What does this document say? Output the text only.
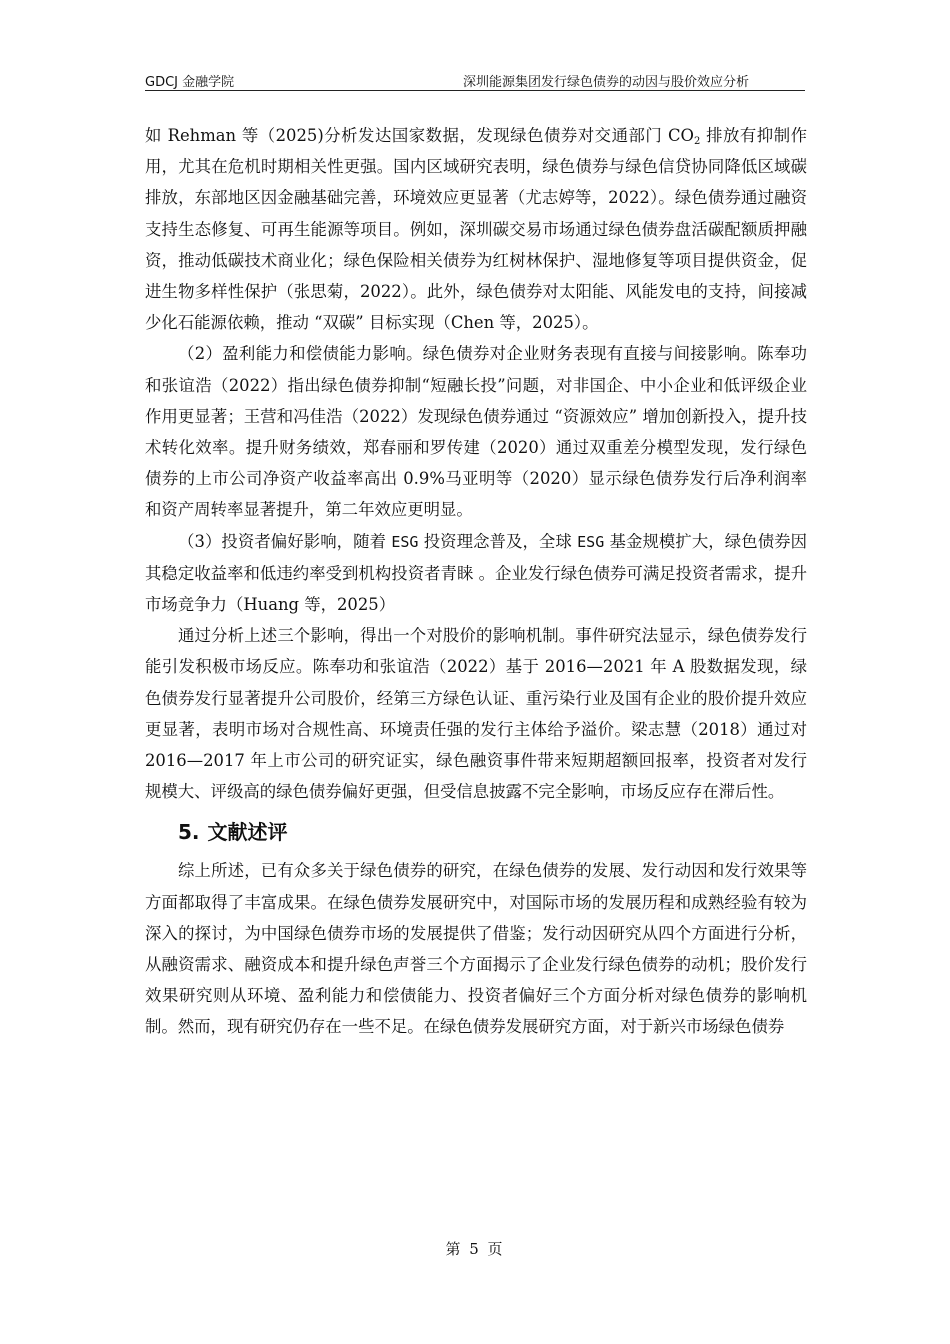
GDCJ 金融学院	深圳能源集团发行绿色债券的动因与股价效应分析

如 Rehman 等（2025)分析发达国家数据，发现绿色债券对交通部门 $CO_2$ 排放有抑制作用，尤其在危机时期相关性更强。国内区域研究表明，绿色债券与绿色信贷协同降低区域碳排放，东部地区因金融基础完善，环境效应更显著（尤志婷等，2022）。绿色债券通过融资支持生态修复、可再生能源等项目。例如，深圳碳交易市场通过绿色债券盘活碳配额质押融资，推动低碳技术商业化；绿色保险相关债券为红树林保护、湿地修复等项目提供资金，促进生物多样性保护（张思菊，2022）。此外，绿色债券对太阳能、风能发电的支持，间接减少化石能源依赖，推动 “双碳” 目标实现（Chen 等，2025）。

（2）盈利能力和偿债能力影响。绿色债券对企业财务表现有直接与间接影响。陈奉功和张谊浩（2022）指出绿色债券抑制“短融长投”问题，对非国企、中小企业和低评级企业作用更显著；王营和冯佳浩（2022）发现绿色债券通过 “资源效应” 增加创新投入，提升技术转化效率。提升财务绩效，郑春丽和罗传建（2020）通过双重差分模型发现，发行绿色债券的上市公司净资产收益率高出 0.9%马亚明等（2020）显示绿色债券发行后净利润率和资产周转率显著提升，第二年效应更明显。

（3）投资者偏好影响，随着 ESG 投资理念普及，全球 ESG 基金规模扩大，绿色债券因其稳定收益率和低违约率受到机构投资者青睐 。企业发行绿色债券可满足投资者需求，提升市场竞争力（Huang 等，2025）

通过分析上述三个影响，得出一个对股价的影响机制。事件研究法显示，绿色债券发行能引发积极市场反应。陈奉功和张谊浩（2022）基于 2016—2021 年 A 股数据发现，绿色债券发行显著提升公司股价，经第三方绿色认证、重污染行业及国有企业的股价提升效应更显著，表明市场对合规性高、环境责任强的发行主体给予溢价。梁志慧（2018）通过对 2016—2017 年上市公司的研究证实，绿色融资事件带来短期超额回报率，投资者对发行规模大、评级高的绿色债券偏好更强，但受信息披露不完全影响，市场反应存在滞后性。

5. 文献述评

综上所述，已有众多关于绿色债券的研究，在绿色债券的发展、发行动因和发行效果等方面都取得了丰富成果。在绿色债券发展研究中，对国际市场的发展历程和成熟经验有较为深入的探讨，为中国绿色债券市场的发展提供了借鉴；发行动因研究从四个方面进行分析，从融资需求、融资成本和提升绿色声誉三个方面揭示了企业发行绿色债券的动机；股价发行效果研究则从环境、盈利能力和偿债能力、投资者偏好三个方面分析对绿色债券的影响机制。然而，现有研究仍存在一些不足。在绿色债券发展研究方面，对于新兴市场绿色债券

第 5 页
